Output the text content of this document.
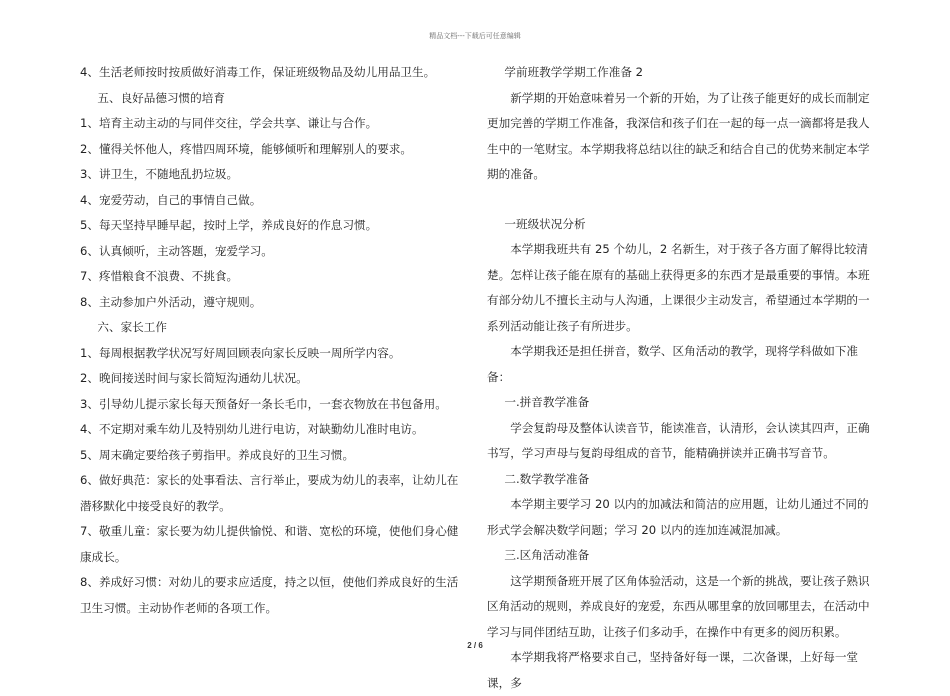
精品文档---下载后可任意编辑

4、生活老师按时按质做好消毒工作，保证班级物品及幼儿用品卫生。

五、良好品德习惯的培育

1、培育主动主动的与同伴交往，学会共享、谦让与合作。

2、懂得关怀他人，疼惜四周环境，能够倾听和理解别人的要求。

3、讲卫生，不随地乱扔垃圾。

4、宠爱劳动，自己的事情自己做。

5、每天坚持早睡早起，按时上学，养成良好的作息习惯。

6、认真倾听，主动答题，宠爱学习。

7、疼惜粮食不浪费、不挑食。

8、主动参加户外活动，遵守规则。

六、家长工作

1、每周根据教学状况写好周回顾表向家长反映一周所学内容。

2、晚间接送时间与家长简短沟通幼儿状况。

3、引导幼儿提示家长每天预备好一条长毛巾，一套衣物放在书包备用。

4、不定期对乘车幼儿及特别幼儿进行电访，对缺勤幼儿准时电访。

5、周末确定要给孩子剪指甲。养成良好的卫生习惯。

6、做好典范：家长的处事看法、言行举止，要成为幼儿的表率，让幼儿在潜移默化中接受良好的教学。

7、敬重儿童：家长要为幼儿提供愉悦、和谐、宽松的环境，使他们身心健康成长。

8、养成好习惯：对幼儿的要求应适度，持之以恒，使他们养成良好的生活卫生习惯。主动协作老师的各项工作。

学前班教学学期工作准备 2

新学期的开始意味着另一个新的开始，为了让孩子能更好的成长而制定更加完善的学期工作准备，我深信和孩子们在一起的每一点一滴都将是我人生中的一笔财宝。本学期我将总结以往的缺乏和结合自己的优势来制定本学期的准备。

一班级状况分析

本学期我班共有 25 个幼儿，2 名新生，对于孩子各方面了解得比较清楚。怎样让孩子能在原有的基础上获得更多的东西才是最重要的事情。本班有部分幼儿不擅长主动与人沟通，上课很少主动发言，希望通过本学期的一系列活动能让孩子有所进步。

本学期我还是担任拼音，数学、区角活动的教学，现将学科做如下准备：

一.拼音教学准备

学会复韵母及整体认读音节，能读准音，认清形，会认读其四声，正确书写，学习声母与复韵母组成的音节，能精确拼读并正确书写音节。

二.数学教学准备

本学期主要学习 20 以内的加减法和简洁的应用题，让幼儿通过不同的形式学会解决数学问题；学习 20 以内的连加连减混加减。

三.区角活动准备

这学期预备班开展了区角体验活动，这是一个新的挑战，要让孩子熟识区角活动的规则，养成良好的宠爱，东西从哪里拿的放回哪里去，在活动中学习与同伴团结互助，让孩子们多动手，在操作中有更多的阅历积累。

本学期我将严格要求自己，坚持备好每一课，二次备课，上好每一堂课，多

2 / 6
